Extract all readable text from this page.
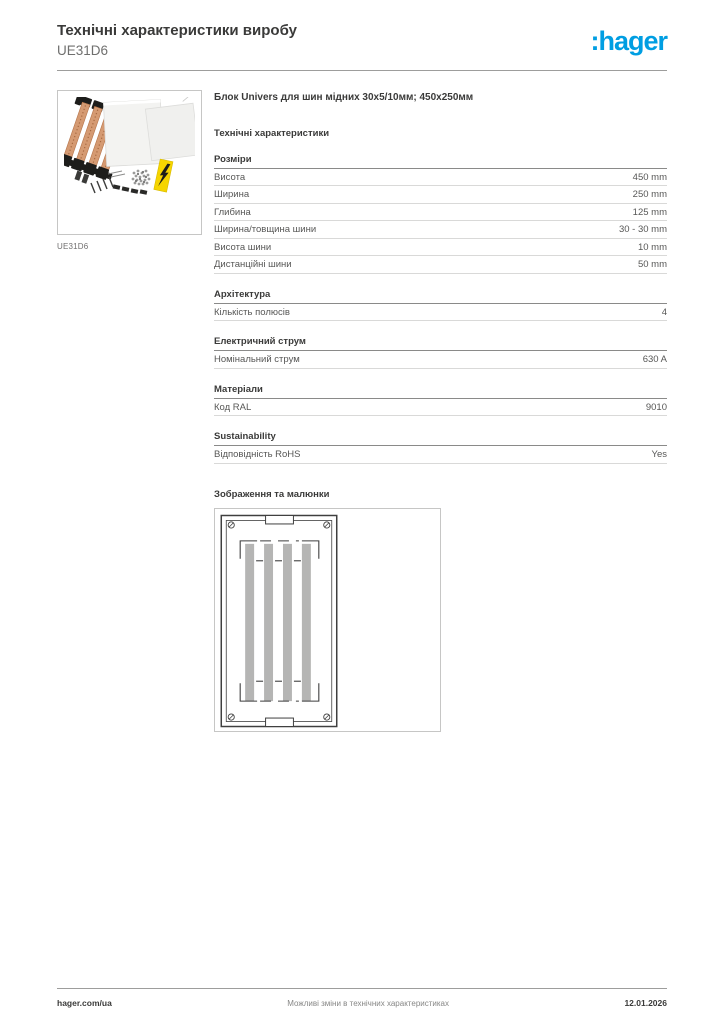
Технічні характеристики виробу
UE31D6	:hager
UE31D6
Блок Univers для шин мідних 30х5/10мм; 450х250мм
Технічні характеристики
Розміри
Висота	450 mm
Ширина	250 mm
Глибина	125 mm
Ширина/товщина шини	30 - 30 mm
Висота шини	10 mm
Дистанційні шини	50 mm
Архітектура
Кількість полюсів	4
Електричний струм
Номінальний струм	630 A
Матеріали
Код RAL	9010
Sustainability
Відповідність RoHS	Yes
Зображення та малюнки
hager.com/ua	Можливі зміни в технічних характеристиках	12.01.2026
